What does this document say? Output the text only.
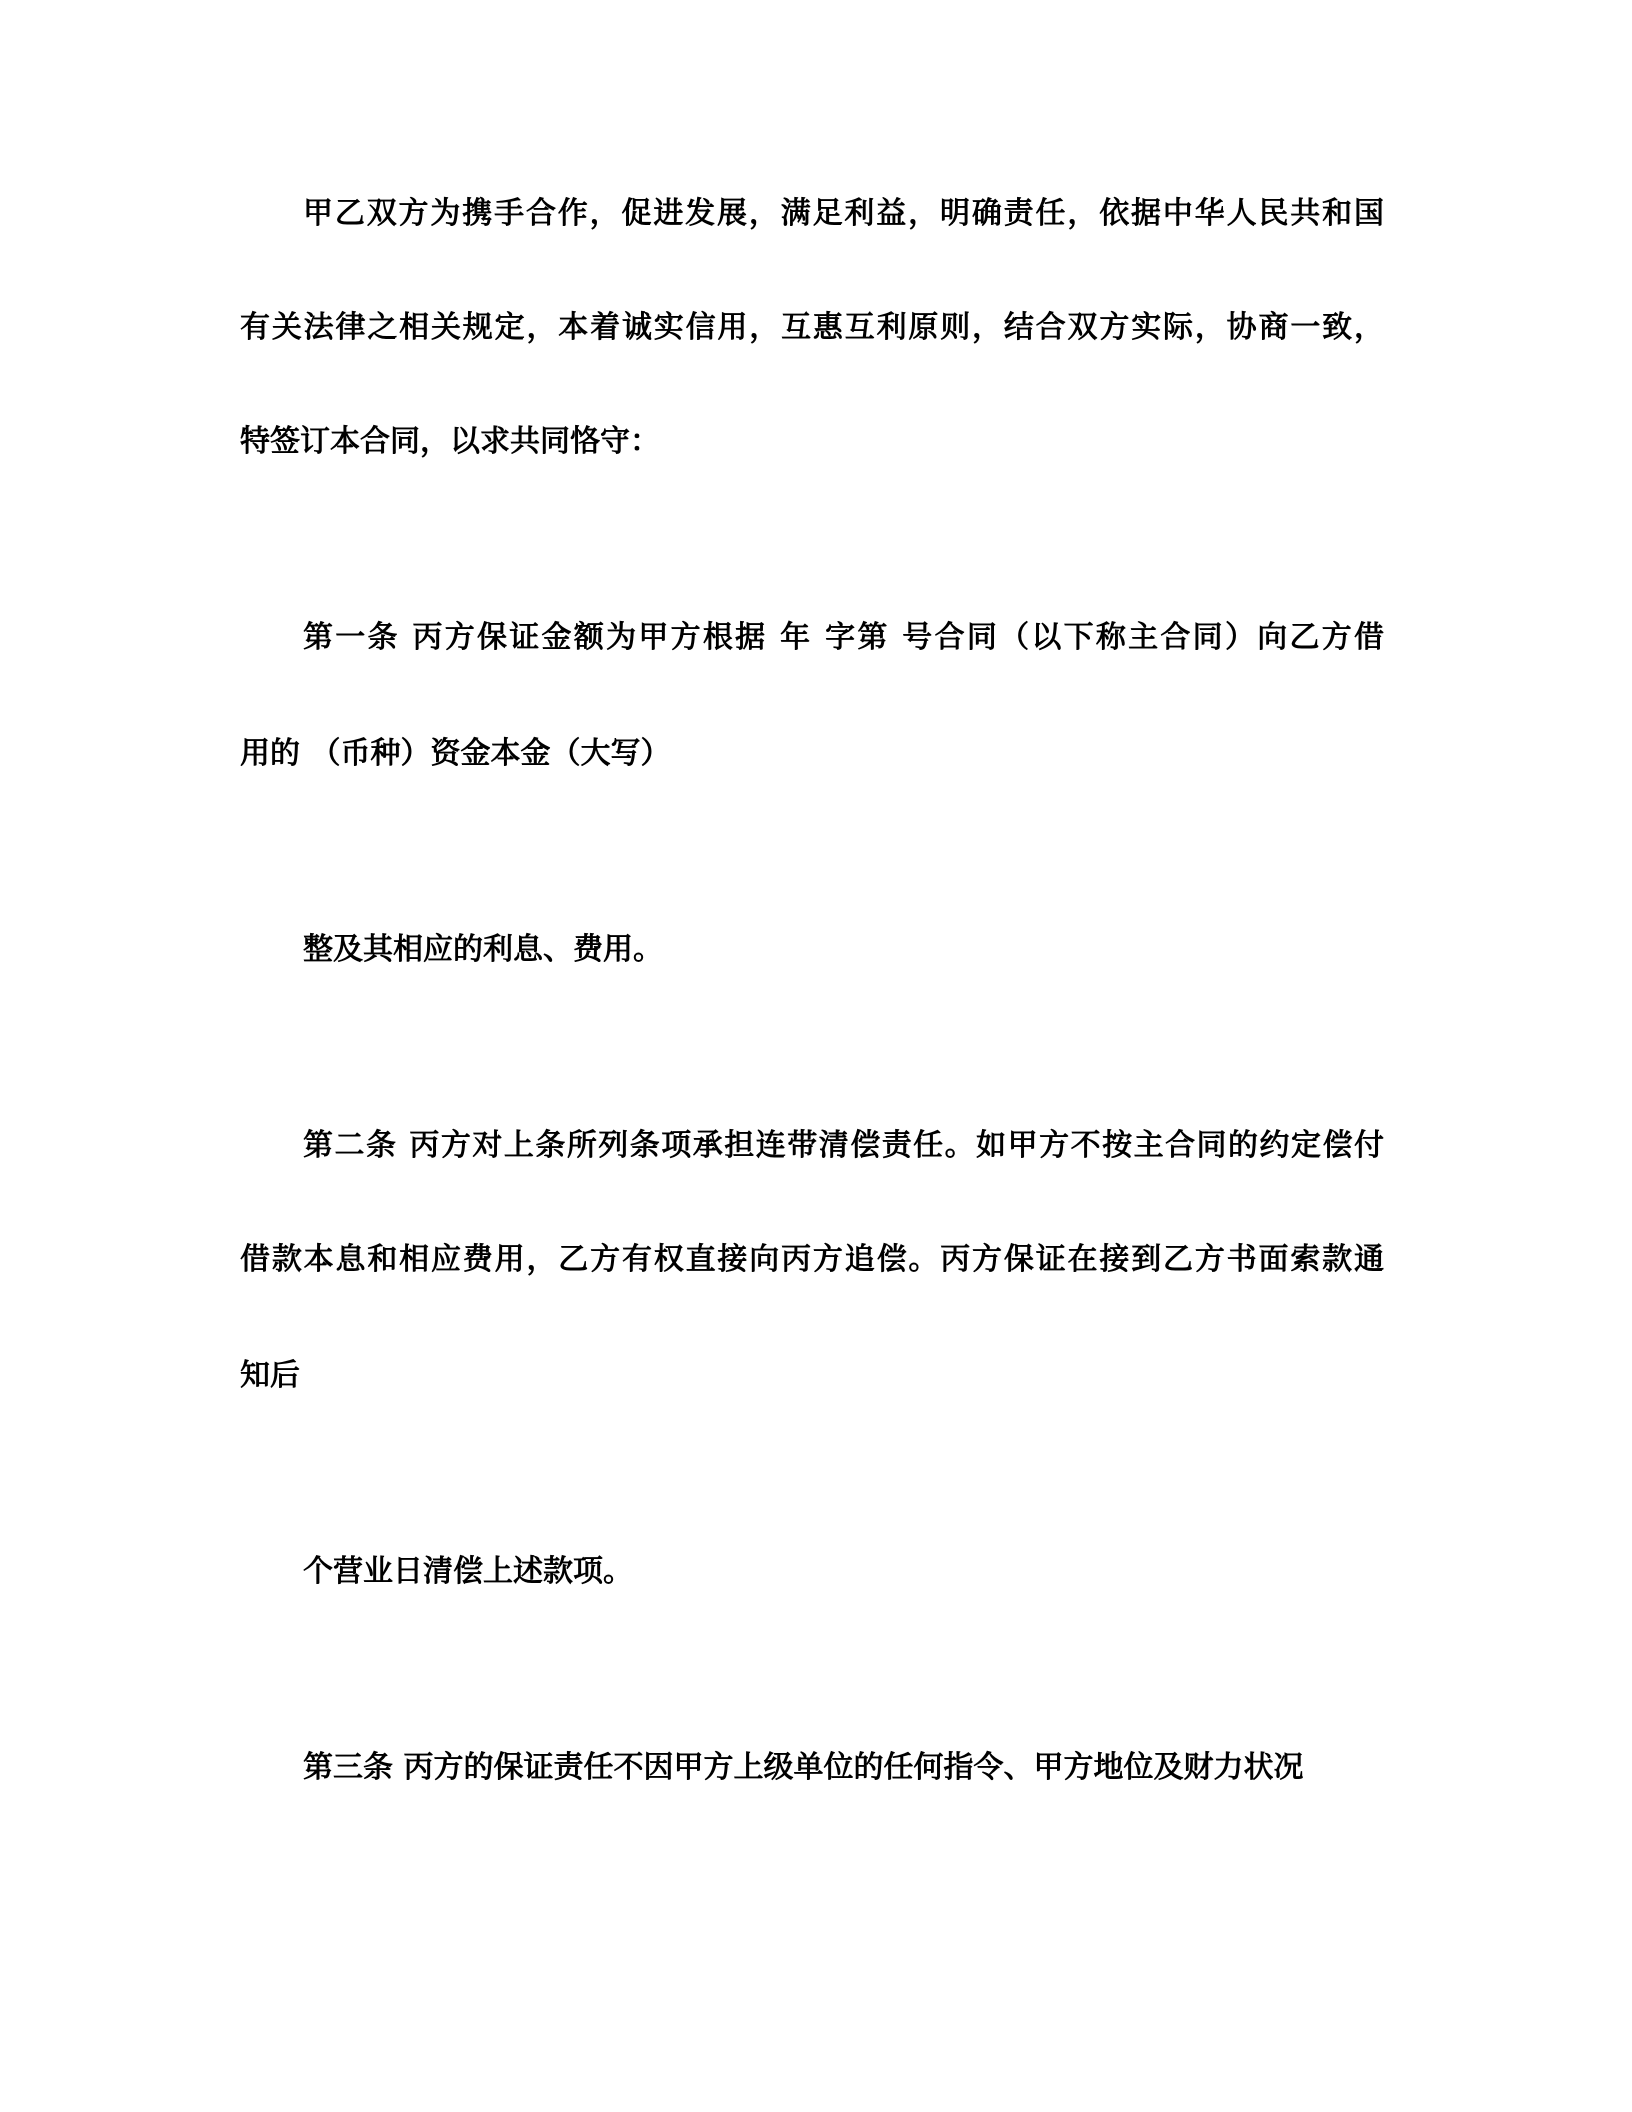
甲乙双方为携手合作，促进发展，满足利益，明确责任，依据中华人民共和国
有关法律之相关规定，本着诚实信用，互惠互利原则，结合双方实际，协商一致，
特签订本合同，以求共同恪守：
第一条 丙方保证金额为甲方根据 年 字第 号合同（以下称主合同）向乙方借
用的 （币种）资金本金（大写）
整及其相应的利息、费用。
第二条 丙方对上条所列条项承担连带清偿责任。如甲方不按主合同的约定偿付
借款本息和相应费用，乙方有权直接向丙方追偿。丙方保证在接到乙方书面索款通
知后
个营业日清偿上述款项。
第三条 丙方的保证责任不因甲方上级单位的任何指令、甲方地位及财力状况
